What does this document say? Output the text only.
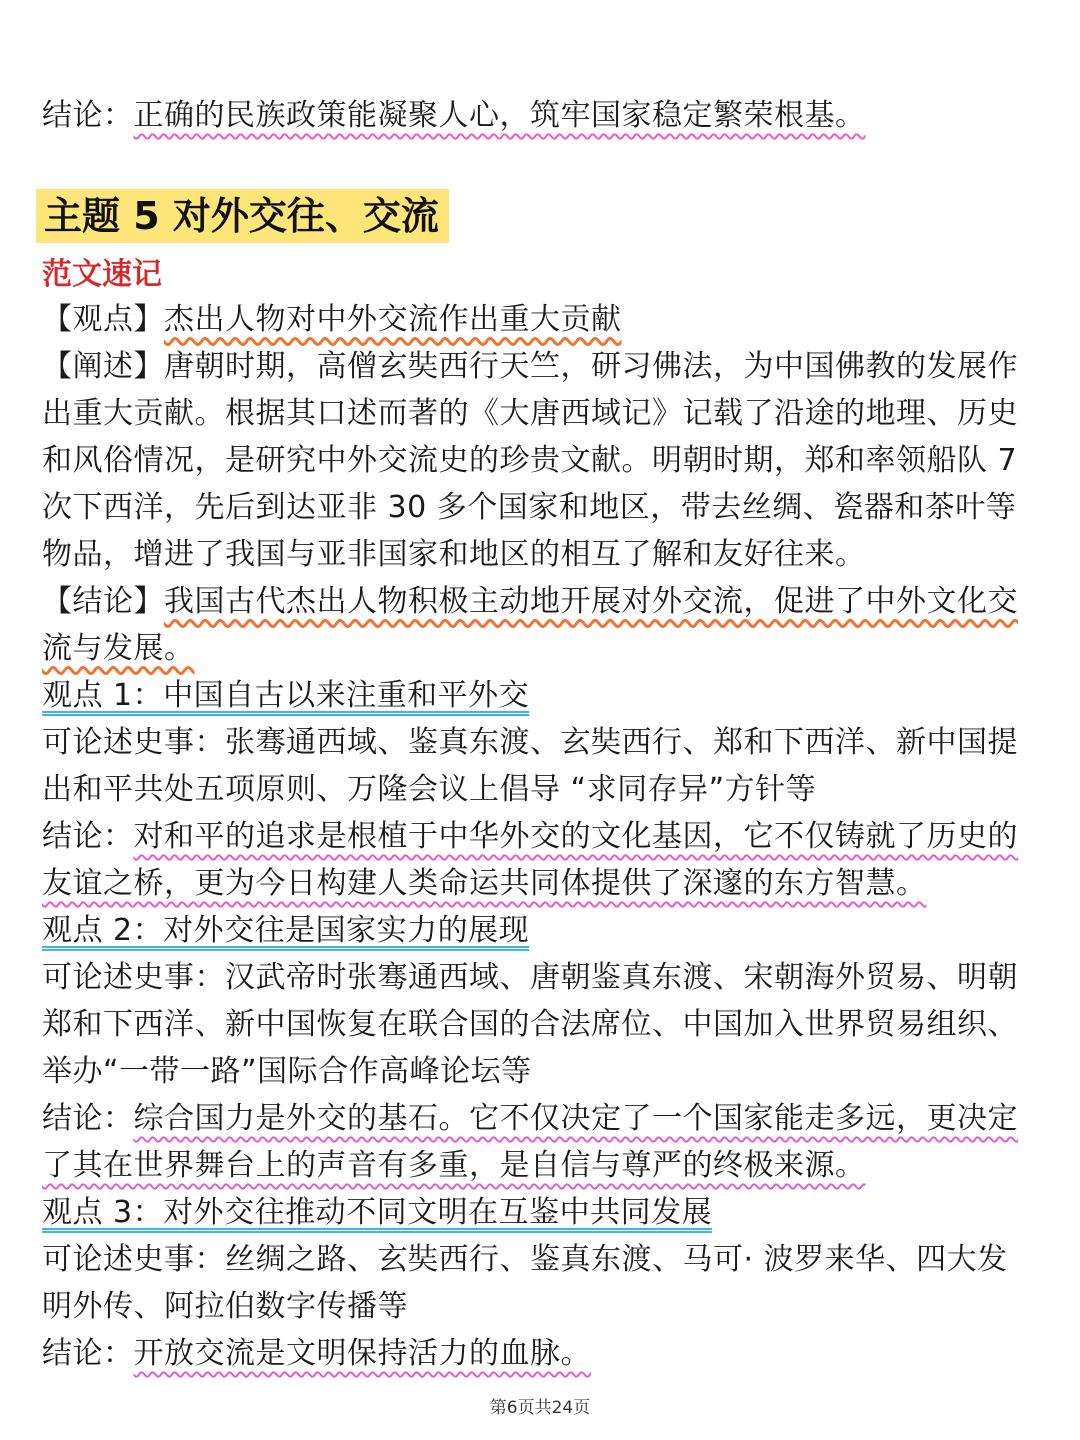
结论：正确的民族政策能凝聚人心，筑牢国家稳定繁荣根基。
主题 5 对外交往、交流
范文速记
【观点】杰出人物对中外交流作出重大贡献
【阐述】唐朝时期，高僧玄奘西行天竺，研习佛法，为中国佛教的发展作
出重大贡献。根据其口述而著的《大唐西域记》记载了沿途的地理、历史
和风俗情况，是研究中外交流史的珍贵文献。明朝时期，郑和率领船队 7
次下西洋，先后到达亚非 30 多个国家和地区，带去丝绸、瓷器和茶叶等
物品，增进了我国与亚非国家和地区的相互了解和友好往来。
【结论】我国古代杰出人物积极主动地开展对外交流，促进了中外文化交
流与发展。
观点 1：中国自古以来注重和平外交
可论述史事：张骞通西域、鉴真东渡、玄奘西行、郑和下西洋、新中国提
出和平共处五项原则、万隆会议上倡导 “求同存异”方针等
结论：对和平的追求是根植于中华外交的文化基因，它不仅铸就了历史的
友谊之桥，更为今日构建人类命运共同体提供了深邃的东方智慧。
观点 2：对外交往是国家实力的展现
可论述史事：汉武帝时张骞通西域、唐朝鉴真东渡、宋朝海外贸易、明朝
郑和下西洋、新中国恢复在联合国的合法席位、中国加入世界贸易组织、
举办“一带一路”国际合作高峰论坛等
结论：综合国力是外交的基石。它不仅决定了一个国家能走多远，更决定
了其在世界舞台上的声音有多重，是自信与尊严的终极来源。
观点 3：对外交往推动不同文明在互鉴中共同发展
可论述史事：丝绸之路、玄奘西行、鉴真东渡、马可· 波罗来华、四大发
明外传、阿拉伯数字传播等
结论：开放交流是文明保持活力的血脉。
第6页共24页
